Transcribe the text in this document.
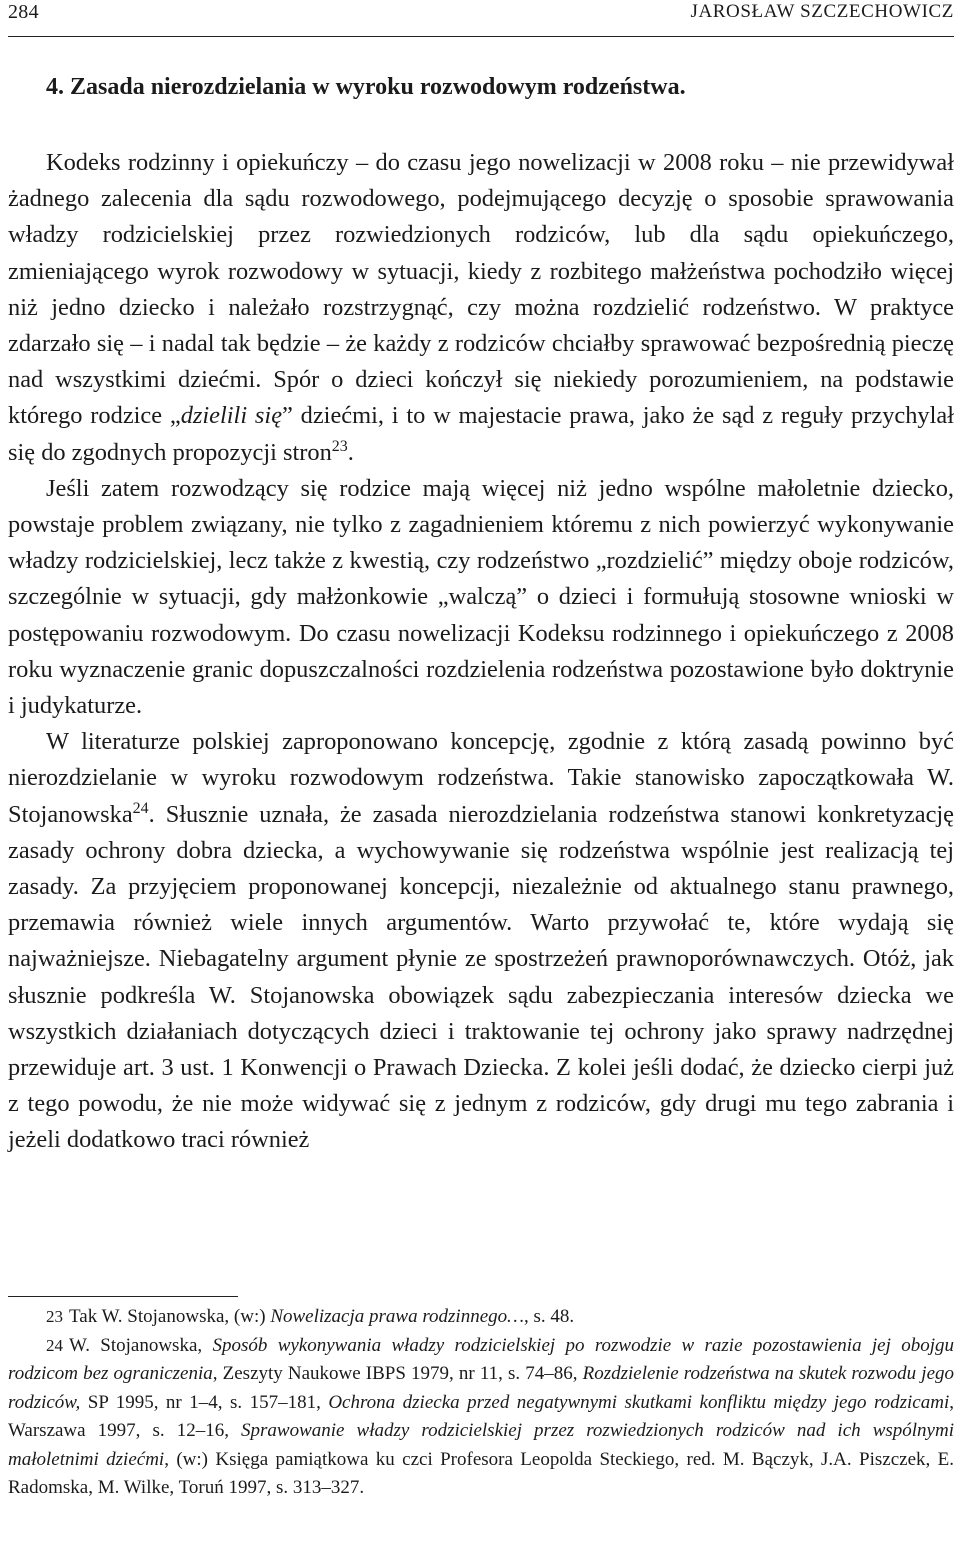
284	JAROSŁAW SZCZECHOWICZ
4. Zasada nierozdzielania w wyroku rozwodowym rodzeństwa.

Kodeks rodzinny i opiekuńczy – do czasu jego nowelizacji w 2008 roku – nie przewidywał żadnego zalecenia dla sądu rozwodowego, podejmującego decyzję o sposobie sprawowania władzy rodzicielskiej przez rozwiedzionych rodziców, lub dla sądu opiekuńczego, zmieniającego wyrok rozwodowy w sytuacji, kiedy z rozbitego małżeństwa pochodziło więcej niż jedno dziecko i należało rozstrzygnąć, czy można rozdzielić rodzeństwo. W praktyce zdarzało się – i nadal tak będzie – że każdy z rodziców chciałby sprawować bezpośrednią pieczę nad wszystkimi dziećmi. Spór o dzieci kończył się niekiedy porozumieniem, na podstawie którego rodzice „dzielili się” dziećmi, i to w majestacie prawa, jako że sąd z reguły przychylał się do zgodnych propozycji stron$^{23}$.

Jeśli zatem rozwodzący się rodzice mają więcej niż jedno wspólne małoletnie dziecko, powstaje problem związany, nie tylko z zagadnieniem któremu z nich powierzyć wykonywanie władzy rodzicielskiej, lecz także z kwestią, czy rodzeństwo „rozdzielić” między oboje rodziców, szczególnie w sytuacji, gdy małżonkowie „walczą” o dzieci i formułują stosowne wnioski w postępowaniu rozwodowym. Do czasu nowelizacji Kodeksu rodzinnego i opiekuńczego z 2008 roku wyznaczenie granic dopuszczalności rozdzielenia rodzeństwa pozostawione było doktrynie i judykaturze.

W literaturze polskiej zaproponowano koncepcję, zgodnie z którą zasadą powinno być nierozdzielanie w wyroku rozwodowym rodzeństwa. Takie stanowisko zapoczątkowała W. Stojanowska$^{24}$. Słusznie uznała, że zasada nierozdzielania rodzeństwa stanowi konkretyzację zasady ochrony dobra dziecka, a wychowywanie się rodzeństwa wspólnie jest realizacją tej zasady. Za przyjęciem proponowanej koncepcji, niezależnie od aktualnego stanu prawnego, przemawia również wiele innych argumentów. Warto przywołać te, które wydają się najważniejsze. Niebagatelny argument płynie ze spostrzeżeń prawnoporównawczych. Otóż, jak słusznie podkreśla W. Stojanowska obowiązek sądu zabezpieczania interesów dziecka we wszystkich działaniach dotyczących dzieci i traktowanie tej ochrony jako sprawy nadrzędnej przewiduje art. 3 ust. 1 Konwencji o Prawach Dziecka. Z kolei jeśli dodać, że dziecko cierpi już z tego powodu, że nie może widywać się z jednym z rodziców, gdy drugi mu tego zabrania i jeżeli dodatkowo traci również

23 Tak W. Stojanowska, (w:) Nowelizacja prawa rodzinnego…, s. 48.

24 W. Stojanowska, Sposób wykonywania władzy rodzicielskiej po rozwodzie w razie pozostawienia jej obojgu rodzicom bez ograniczenia, Zeszyty Naukowe IBPS 1979, nr 11, s. 74–86, Rozdzielenie rodzeństwa na skutek rozwodu jego rodziców, SP 1995, nr 1–4, s. 157–181, Ochrona dziecka przed negatywnymi skutkami konfliktu między jego rodzicami, Warszawa 1997, s. 12–16, Sprawowanie władzy rodzicielskiej przez rozwiedzionych rodziców nad ich wspólnymi małoletnimi dziećmi, (w:) Księga pamiątkowa ku czci Profesora Leopolda Steckiego, red. M. Bączyk, J.A. Piszczek, E. Radomska, M. Wilke, Toruń 1997, s. 313–327.
